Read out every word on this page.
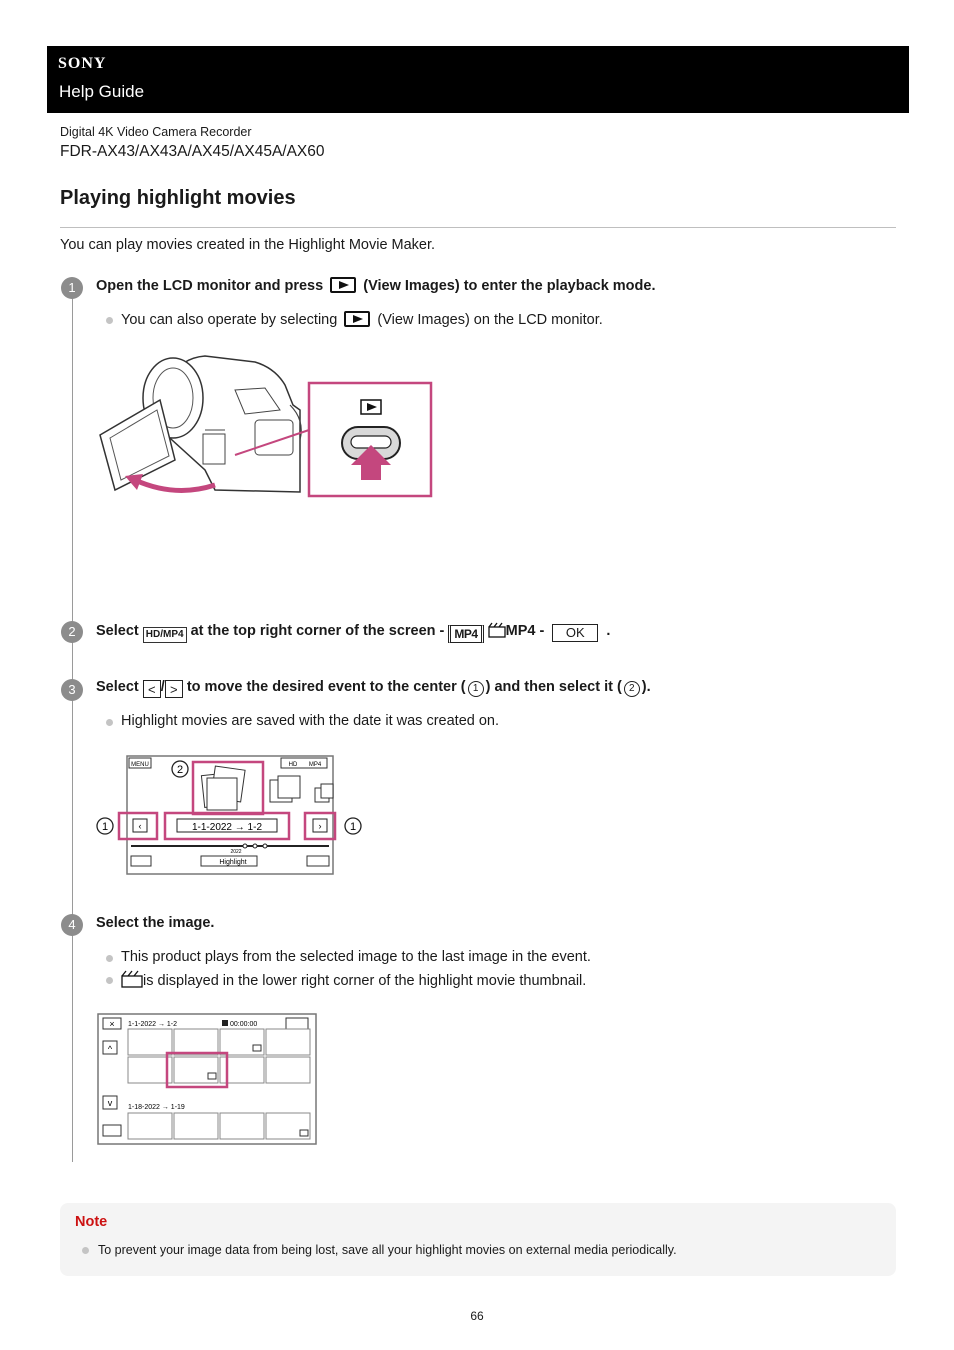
SONY
Help Guide
Digital 4K Video Camera Recorder
FDR-AX43/AX43A/AX45/AX45A/AX60
Playing highlight movies
You can play movies created in the Highlight Movie Maker.
1	Open the LCD monitor and press	(View Images) to enter the playback mode.
You can also operate by selecting	(View Images) on the LCD monitor.
2	Select HD/MP4 at the top right corner of the screen - MP4 MP4 - OK .
3	Select < / > to move the desired event to the center ( 1 ) and then select it ( 2 ).
Highlight movies are saved with the date it was created on.
MENU	2	HD MP4
‹
1	1-1-2022 → 1-2	›	1
2022
Highlight
4	Select the image.
This product plays from the selected image to the last image in the event.
is displayed in the lower right corner of the highlight movie thumbnail.
× 1-1-2022 → 1-2	00:00:00
^
v 1-18-2022 → 1-19
Note
To prevent your image data from being lost, save all your highlight movies on external media periodically.
66
